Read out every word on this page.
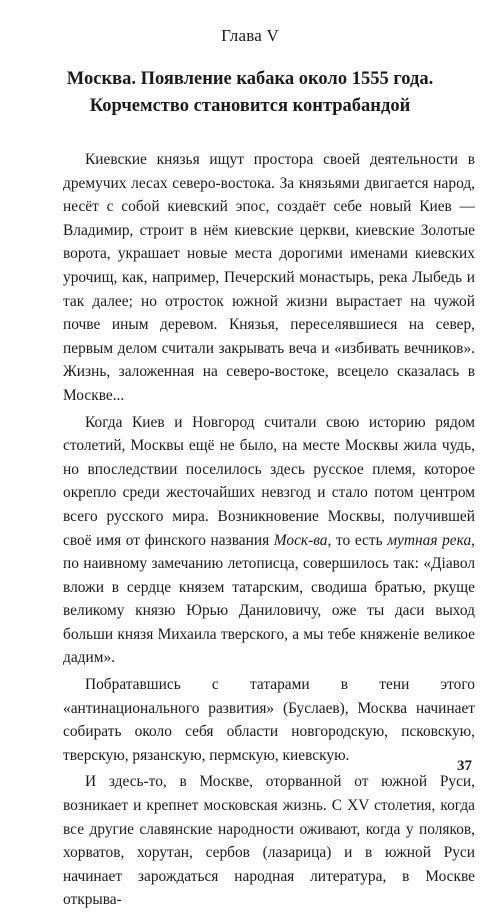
Глава V
Москва. Появление кабака около 1555 года.
Корчемство становится контрабандой

Киевские князья ищут простора своей деятельности в дремучих лесах северо-востока. За князьями двигается народ, несёт с собой киевский эпос, создаёт себе новый Киев — Владимир, строит в нём киевские церкви, киевские Золотые ворота, украшает новые места дорогими именами киевских урочищ, как, например, Печерский монастырь, река Лыбедь и так далее; но отросток южной жизни вырастает на чужой почве иным деревом. Князья, переселявшиеся на север, первым делом считали закрывать веча и «избивать вечников». Жизнь, заложенная на северо-востоке, всецело сказалась в Москве...

Когда Киев и Новгород считали свою историю рядом столетий, Москвы ещё не было, на месте Москвы жила чудь, но впоследствии поселилось здесь русское племя, которое окрепло среди жесточайших невзгод и стало потом центром всего русского мира. Возникновение Москвы, получившей своё имя от финского названия Моск-ва, то есть мутная река, по наивному замечанию летописца, совершилось так: «Діавол вложи в сердце князем татарским, сводиша братью, ркуще великому князю Юрью Даниловичу, оже ты даси выход больши князя Михаила тверского, а мы тебе княженіе великое дадим».

Побратавшись с татарами в тени этого «антинационального развития» (Буслаев), Москва начинает собирать около себя области новгородскую, псковскую, тверскую, рязанскую, пермскую, киевскую.

И здесь-то, в Москве, оторванной от южной Руси, возникает и крепнет московская жизнь. С XV столетия, когда все другие славянские народности оживают, когда у поляков, хорватов, хорутан, сербов (лазарица) и в южной Руси начинает зарождаться народная литература, в Москве открыва-

37
